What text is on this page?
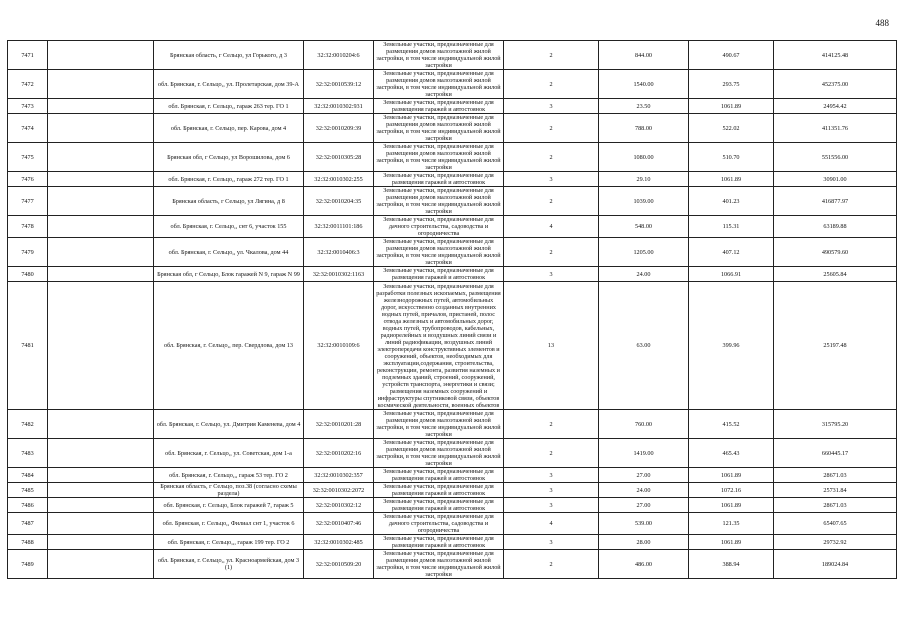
488
7471		Брянская область, г Сельцо, ул Горького, д 3	32:32:0010204:6	Земельные участки, предназначенные для размещения домов малоэтажной жилой застройки, в том числе индивидуальной жилой застройки	2	844.00	490.67	414125.48
7472		обл. Брянская, г. Сельцо,, ул. Пролетарская, дом 39-А	32:32:0010539:12	Земельные участки, предназначенные для размещения домов малоэтажной жилой застройки, в том числе индивидуальной жилой застройки	2	1540.00	293.75	452375.00
7473		обл. Брянская, г. Сельцо,, гараж 263 тер. ГО 1	32:32:0010302:931	Земельные участки, предназначенные для размещения гаражей и автостоянок	3	23.50	1061.89	24954.42
7474		обл. Брянская, г. Сельцо, пер. Карова, дом 4	32:32:0010209:39	Земельные участки, предназначенные для размещения домов малоэтажной жилой застройки, в том числе индивидуальной жилой застройки	2	788.00	522.02	411351.76
7475		Брянская обл, г Сельцо, ул Ворошилова, дом 6	32:32:0010305:28	Земельные участки, предназначенные для размещения домов малоэтажной жилой застройки, в том числе индивидуальной жилой застройки	2	1080.00	510.70	551556.00
7476		обл. Брянская, г. Сельцо,, гараж 272 тер. ГО 1	32:32:0010302:255	Земельные участки, предназначенные для размещения гаражей и автостоянок	3	29.10	1061.89	30901.00
7477		Брянская область, г Сельцо, ул Лягина, д 8	32:32:0010204:35	Земельные участки, предназначенные для размещения домов малоэтажной жилой застройки, в том числе индивидуальной жилой застройки	2	1039.00	401.23	416877.97
7478		обл. Брянская, г. Сельцо,, снт 6, участок 155	32:32:0011101:186	Земельные участки, предназначенные для дачного строительства, садоводства и огородничества	4	548.00	115.31	63189.88
7479		обл. Брянская, г. Сельцо,, ул. Чкалова, дом 44	32:32:0010406:3	Земельные участки, предназначенные для размещения домов малоэтажной жилой застройки, в том числе индивидуальной жилой застройки	2	1205.00	407.12	490579.60
7480		Брянская обл, г Сельцо, Блок гаражей N 9, гараж N 99	32:32:0010302:1163	Земельные участки, предназначенные для размещения гаражей и автостоянок	3	24.00	1066.91	25605.84
7481		обл. Брянская, г. Сельцо,, пер. Свердлова, дом 13	32:32:0010109:6	Земельные участки, предназначенные для разработки полезных ископаемых, размещения железнодорожных путей, автомобильных дорог, искусственно созданных внутренних водных путей, причалов, пристаней, полос отвода железных и автомобильных дорог, водных путей, трубопроводов, кабельных, радиорелейных и воздушных линий связи и линий радиофикации, воздушных линий электропередачи конструктивных элементов и сооружений, объектов, необходимых для эксплуатации,содержания, строительства, реконструкции, ремонта, развития наземных и подземных зданий, строений, сооружений, устройств транспорта, энергетики и связи; размещения наземных сооружений и инфраструктуры спутниковой связи, объектов космической деятельности, военных объектов	13	63.00	399.96	25197.48
7482		обл. Брянская, г. Сельцо, ул. Дмитрия Каменева, дом 4	32:32:0010201:28	Земельные участки, предназначенные для размещения домов малоэтажной жилой застройки, в том числе индивидуальной жилой застройки	2	760.00	415.52	315795.20
7483		обл. Брянская, г. Сельцо,, ул. Советская, дом 1-а	32:32:0010202:16	Земельные участки, предназначенные для размещения домов малоэтажной жилой застройки, в том числе индивидуальной жилой застройки	2	1419.00	465.43	660445.17
7484		обл. Брянская, г. Сельцо,,, гараж 53 тер. ГО 2	32:32:0010302:357	Земельные участки, предназначенные для размещения гаражей и автостоянок	3	27.00	1061.89	28671.03
7485		Брянская область, г Сельцо, поз.38 (согласно схемы раздела)	32:32:0010302:2072	Земельные участки, предназначенные для размещения гаражей и автостоянок	3	24.00	1072.16	25731.84
7486		обл. Брянская, г. Сельцо, Блок гаражей 7, гараж 5	32:32:0010302:12	Земельные участки, предназначенные для размещения гаражей и автостоянок	3	27.00	1061.89	28671.03
7487		обл. Брянская, г. Сельцо,, Филиал снт 1, участок 6	32:32:0010407:46	Земельные участки, предназначенные для дачного строительства, садоводства и огородничества	4	539.00	121.35	65407.65
7488		обл. Брянская, г. Сельцо,,, гараж 199 тер. ГО 2	32:32:0010302:485	Земельные участки, предназначенные для размещения гаражей и автостоянок	3	28.00	1061.89	29732.92
7489		обл. Брянская, г. Сельцо,, ул. Красноармейская, дом 3 (1)	32:32:0010509:20	Земельные участки, предназначенные для размещения домов малоэтажной жилой застройки, в том числе индивидуальной жилой застройки	2	486.00	388.94	189024.84
